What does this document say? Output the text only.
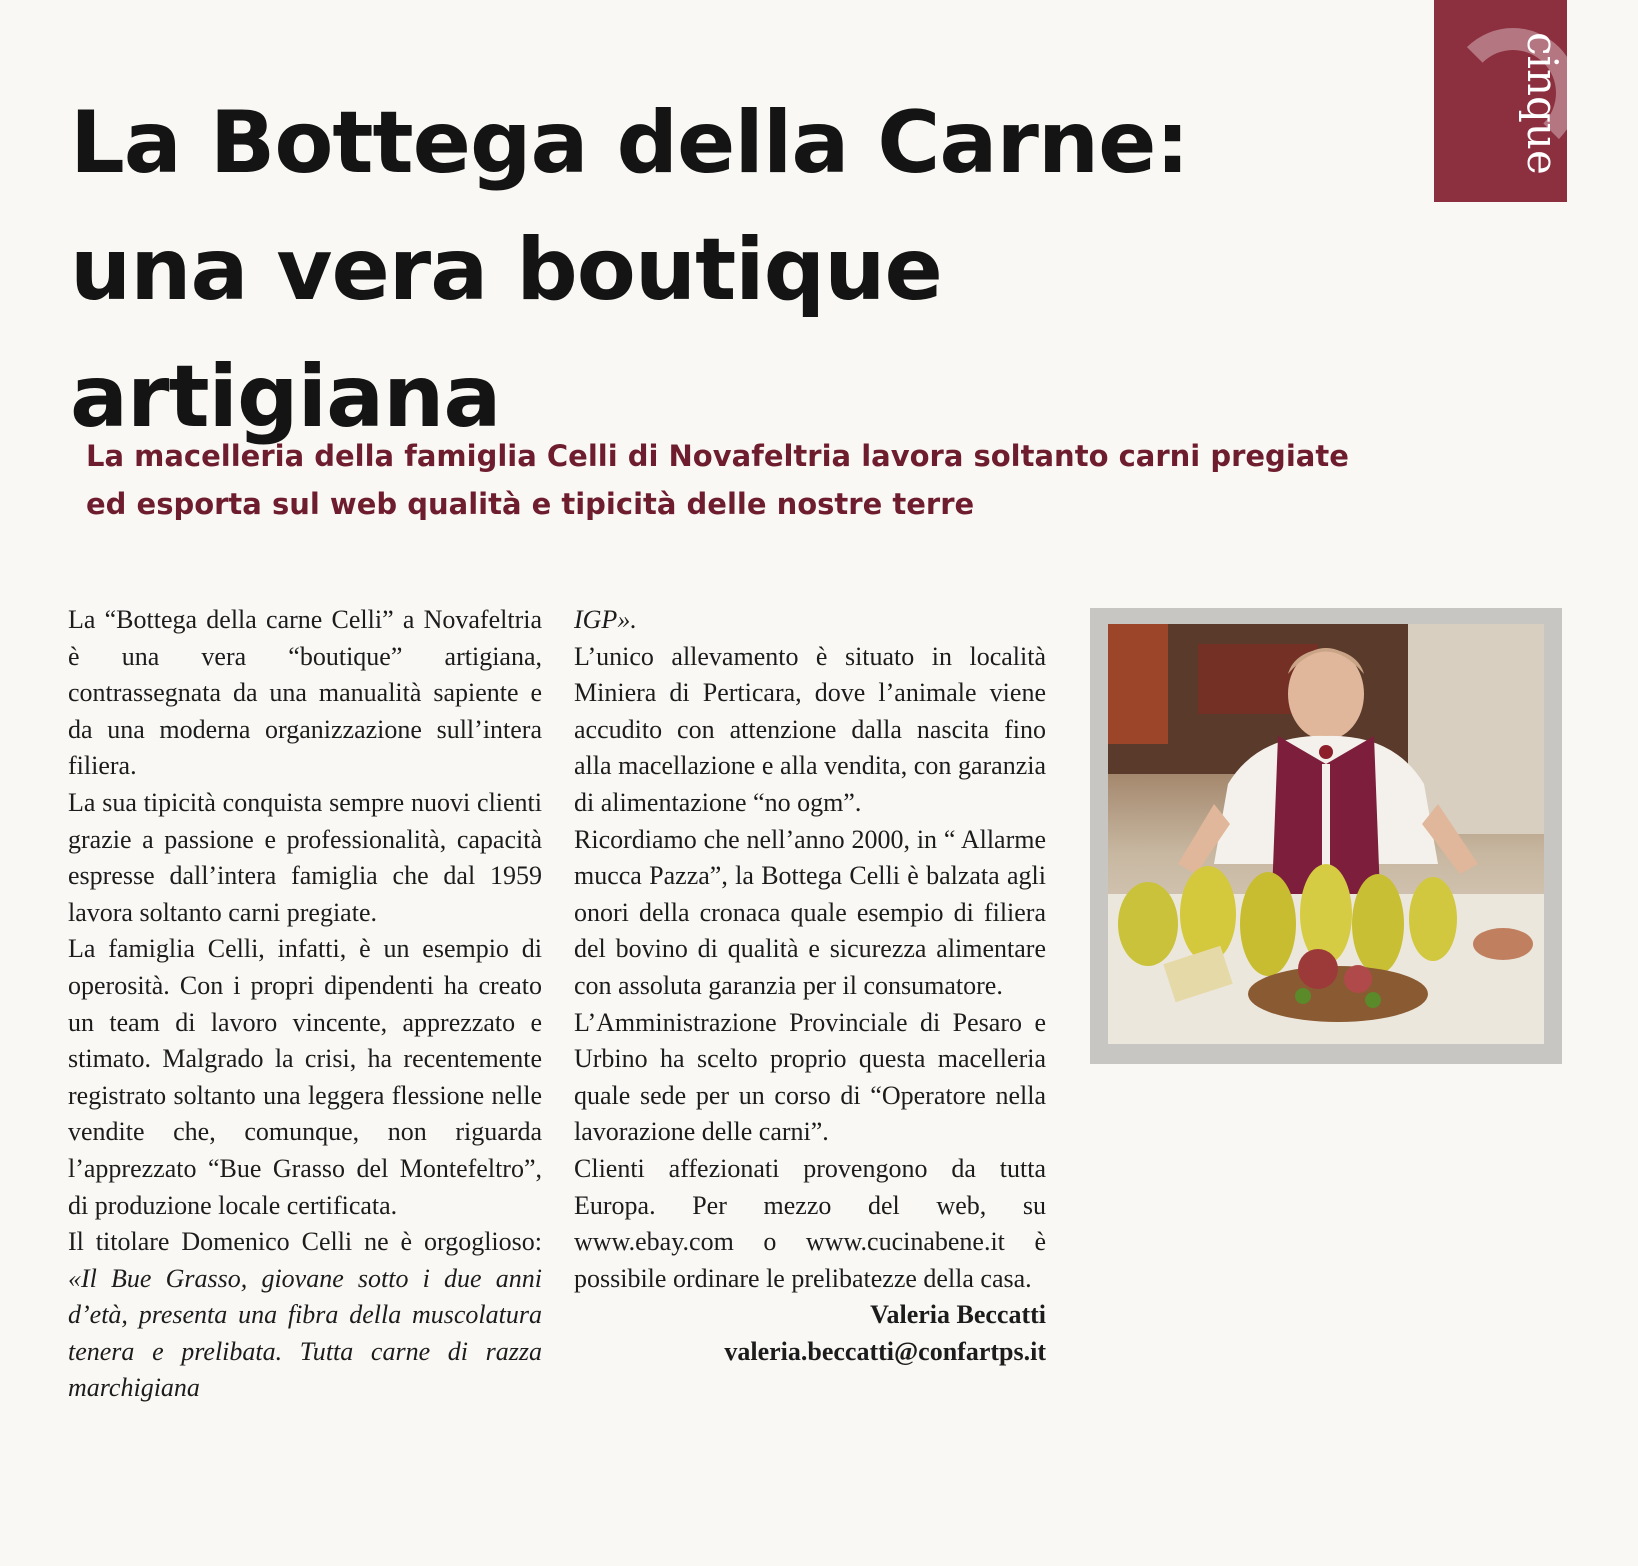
cinque
La Bottega della Carne:
una vera boutique artigiana
La macelleria della famiglia Celli di Novafeltria lavora soltanto carni pregiate
ed esporta sul web qualità e tipicità delle nostre terre

La “Bottega della carne Celli” a Novafeltria è una vera “boutique” artigiana, contrassegnata da una manualità sapiente e da una moderna organizzazione sull’intera filiera.

La sua tipicità conquista sempre nuovi clienti grazie a passione e professionalità, capacità espresse dall’intera famiglia che dal 1959 lavora soltanto carni pregiate.

La famiglia Celli, infatti, è un esempio di operosità. Con i propri dipendenti ha creato un team di lavoro vincente, apprezzato e stimato. Malgrado la crisi, ha recentemente registrato soltanto una leggera flessione nelle vendite che, comunque, non riguarda l’apprezzato “Bue Grasso del Montefeltro”, di produzione locale certificata.

Il titolare Domenico Celli ne è orgoglioso: «Il Bue Grasso, giovane sotto i due anni d’età, presenta una fibra della muscolatura tenera e prelibata. Tutta carne di razza marchigiana

IGP».

L’unico allevamento è situato in località Miniera di Perticara, dove l’animale viene accudito con attenzione dalla nascita fino alla macellazione e alla vendita, con garanzia di alimentazione “no ogm”.

Ricordiamo che nell’anno 2000, in “ Allarme mucca Pazza”, la Bottega Celli è balzata agli onori della cronaca quale esempio di filiera del bovino di qualità e sicurezza alimentare con assoluta garanzia per il consumatore.

L’Amministrazione Provinciale di Pesaro e Urbino ha scelto proprio questa macelleria quale sede per un corso di “Operatore nella lavorazione delle carni”.

Clienti affezionati provengono da tutta Europa. Per mezzo del web, su www.ebay.com o www.cucinabene.it è possibile ordinare le prelibatezze della casa.

Valeria Beccatti

valeria.beccatti@confartps.it
